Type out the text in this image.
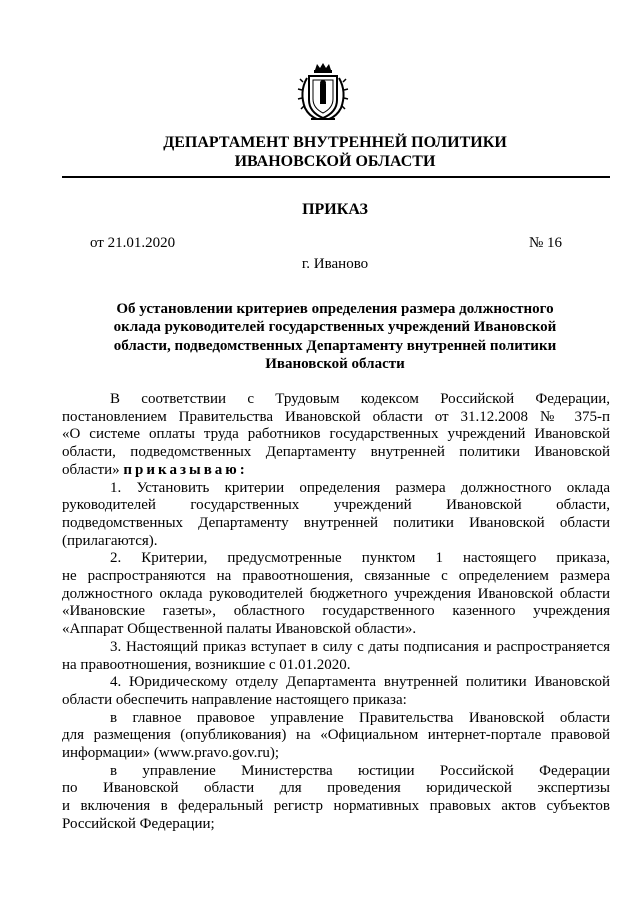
ДЕПАРТАМЕНТ ВНУТРЕННЕЙ ПОЛИТИКИ
ИВАНОВСКОЙ ОБЛАСТИ
ПРИКАЗ
от 21.01.2020	№ 16
г. Иваново
Об установлении критериев определения размера должностного
оклада руководителей государственных учреждений Ивановской
области, подведомственных Департаменту внутренней политики
Ивановской области

В соответствии с Трудовым кодексом Российской Федерации,

постановлением Правительства Ивановской области от 31.12.2008 № 375-п

«О системе оплаты труда работников государственных учреждений Ивановской

области, подведомственных Департаменту внутренней политики Ивановской

области» приказываю:

1. Установить критерии определения размера должностного оклада

руководителей государственных учреждений Ивановской области,

подведомственных Департаменту внутренней политики Ивановской области

(прилагаются).

2. Критерии, предусмотренные пунктом 1 настоящего приказа,

не распространяются на правоотношения, связанные с определением размера

должностного оклада руководителей бюджетного учреждения Ивановской области

«Ивановские газеты», областного государственного казенного учреждения

«Аппарат Общественной палаты Ивановской области».

3. Настоящий приказ вступает в силу с даты подписания и распространяется

на правоотношения, возникшие с 01.01.2020.

4. Юридическому отделу Департамента внутренней политики Ивановской

области обеспечить направление настоящего приказа:

в главное правовое управление Правительства Ивановской области

для размещения (опубликования) на «Официальном интернет-портале правовой

информации» (www.pravo.gov.ru);

в управление Министерства юстиции Российской Федерации

по Ивановской области для проведения юридической экспертизы

и включения в федеральный регистр нормативных правовых актов субъектов

Российской Федерации;
